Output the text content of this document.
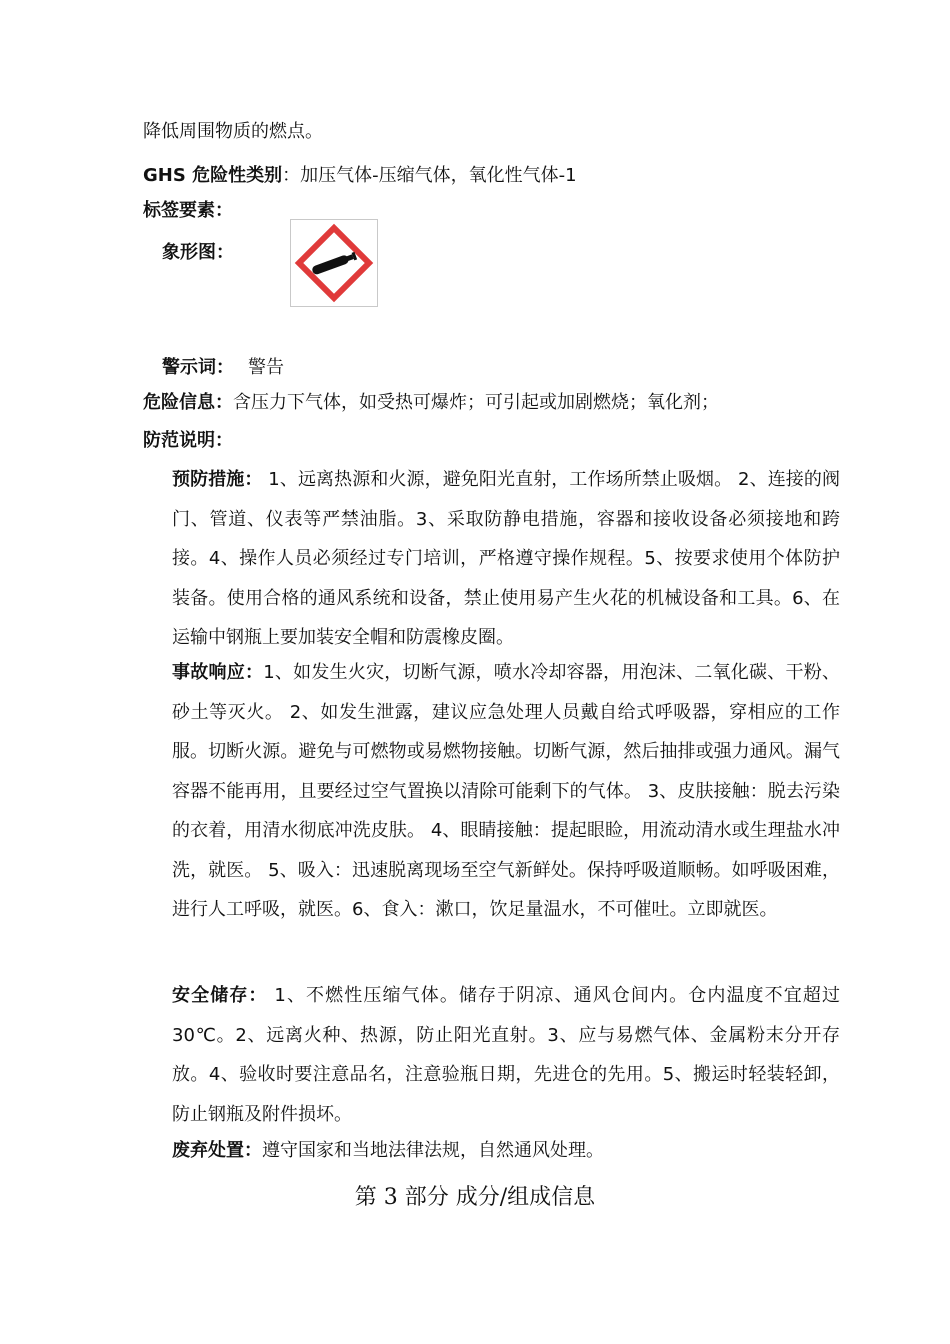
降低周围物质的燃点。
GHS 危险性类别：加压气体-压缩气体，氧化性气体-1
标签要素：
象形图：
警示词： 警告
危险信息：含压力下气体，如受热可爆炸；可引起或加剧燃烧；氧化剂；
防范说明：
预防措施： 1、远离热源和火源，避免阳光直射，工作场所禁止吸烟。 2、连接的阀门、管道、仪表等严禁油脂。3、采取防静电措施，容器和接收设备必须接地和跨接。4、操作人员必须经过专门培训，严格遵守操作规程。5、按要求使用个体防护装备。使用合格的通风系统和设备，禁止使用易产生火花的机械设备和工具。6、在运输中钢瓶上要加装安全帽和防震橡皮圈。
事故响应：1、如发生火灾，切断气源，喷水冷却容器，用泡沫、二氧化碳、干粉、砂土等灭火。 2、如发生泄露，建议应急处理人员戴自给式呼吸器，穿相应的工作服。切断火源。避免与可燃物或易燃物接触。切断气源，然后抽排或强力通风。漏气容器不能再用，且要经过空气置换以清除可能剩下的气体。 3、皮肤接触：脱去污染的衣着，用清水彻底冲洗皮肤。 4、眼睛接触：提起眼睑，用流动清水或生理盐水冲洗，就医。 5、吸入：迅速脱离现场至空气新鲜处。保持呼吸道顺畅。如呼吸困难，进行人工呼吸，就医。6、食入：漱口，饮足量温水，不可催吐。立即就医。
安全储存： 1、不燃性压缩气体。储存于阴凉、通风仓间内。仓内温度不宜超过30℃。2、远离火种、热源，防止阳光直射。3、应与易燃气体、金属粉末分开存放。4、验收时要注意品名，注意验瓶日期，先进仓的先用。5、搬运时轻装轻卸，防止钢瓶及附件损坏。
废弃处置：遵守国家和当地法律法规，自然通风处理。
第 3 部分 成分/组成信息
